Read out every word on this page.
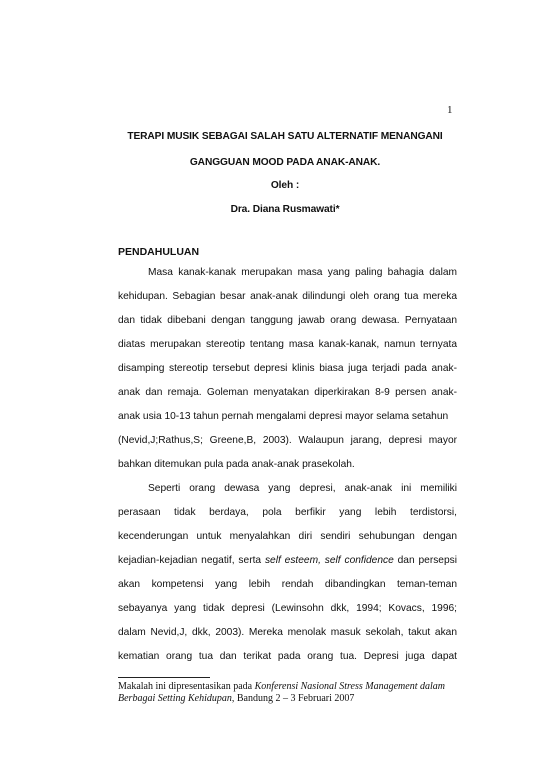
1
TERAPI MUSIK SEBAGAI SALAH SATU ALTERNATIF MENANGANI
GANGGUAN MOOD PADA ANAK-ANAK.
Oleh :
Dra. Diana Rusmawati*
PENDAHULUAN
Masa kanak-kanak merupakan masa yang paling bahagia dalam
kehidupan. Sebagian besar anak-anak dilindungi oleh orang tua mereka
dan tidak dibebani dengan tanggung jawab orang dewasa. Pernyataan
diatas merupakan stereotip tentang masa kanak-kanak, namun ternyata
disamping stereotip tersebut depresi klinis biasa juga terjadi pada anak-
anak dan remaja. Goleman menyatakan diperkirakan 8-9 persen anak-
anak usia 10-13 tahun pernah mengalami depresi mayor selama setahun
(Nevid,J;Rathus,S; Greene,B, 2003). Walaupun jarang, depresi mayor
bahkan ditemukan pula pada anak-anak prasekolah.
Seperti orang dewasa yang depresi, anak-anak ini memiliki
perasaan tidak berdaya, pola berfikir yang lebih terdistorsi,
kecenderungan untuk menyalahkan diri sendiri sehubungan dengan
kejadian-kejadian negatif, serta self esteem, self confidence dan persepsi
akan kompetensi yang lebih rendah dibandingkan teman-teman
sebayanya yang tidak depresi (Lewinsohn dkk, 1994; Kovacs, 1996;
dalam Nevid,J, dkk, 2003). Mereka menolak masuk sekolah, takut akan
kematian orang tua dan terikat pada orang tua. Depresi juga dapat
Makalah ini dipresentasikan pada Konferensi Nasional Stress Management dalam
Berbagai Setting Kehidupan, Bandung 2 – 3 Februari 2007
